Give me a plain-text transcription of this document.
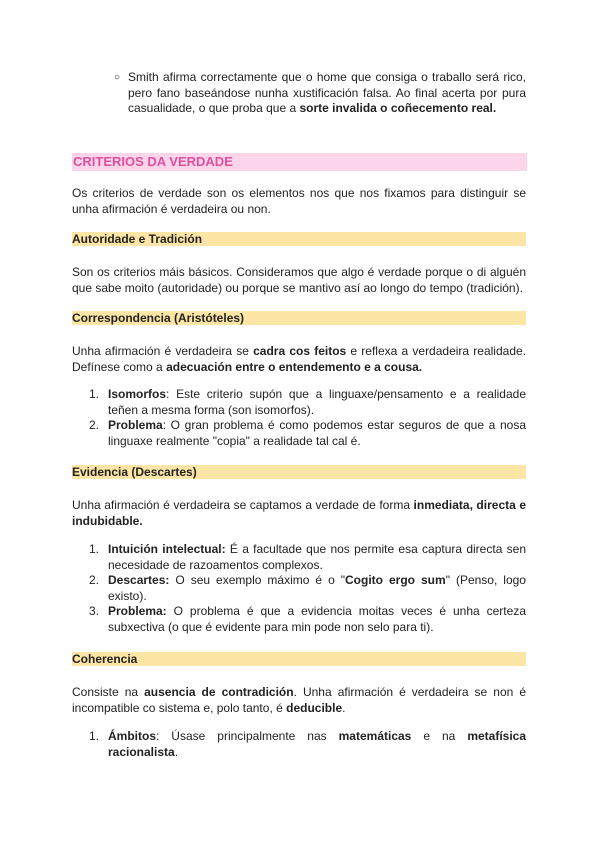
○ Smith afirma correctamente que o home que consiga o traballo será rico, pero fano baseándose nunha xustificación falsa. Ao final acerta por pura casualidade, o que proba que a sorte invalida o coñecemento real.
CRITERIOS DA VERDADE
Os criterios de verdade son os elementos nos que nos fixamos para distinguir se unha afirmación é verdadeira ou non.
Autoridade e Tradición
Son os criterios máis básicos. Consideramos que algo é verdade porque o di alguén que sabe moito (autoridade) ou porque se mantivo así ao longo do tempo (tradición).
Correspondencia (Aristóteles)
Unha afirmación é verdadeira se cadra cos feitos e reflexa a verdadeira realidade. Defínese como a adecuación entre o entendemento e a cousa.
1. Isomorfos: Este criterio supón que a linguaxe/pensamento e a realidade teñen a mesma forma (son isomorfos).
2. Problema: O gran problema é como podemos estar seguros de que a nosa linguaxe realmente "copia" a realidade tal cal é.
Evidencia (Descartes)
Unha afirmación é verdadeira se captamos a verdade de forma inmediata, directa e indubidable.
1. Intuición intelectual: É a facultade que nos permite esa captura directa sen necesidade de razoamentos complexos.
2. Descartes: O seu exemplo máximo é o "Cogito ergo sum" (Penso, logo existo).
3. Problema: O problema é que a evidencia moitas veces é unha certeza subxectiva (o que é evidente para min pode non selo para ti).
Coherencia
Consiste na ausencia de contradición. Unha afirmación é verdadeira se non é incompatible co sistema e, polo tanto, é deducible.
1. Ámbitos: Úsase principalmente nas matemáticas e na metafísica racionalista.
